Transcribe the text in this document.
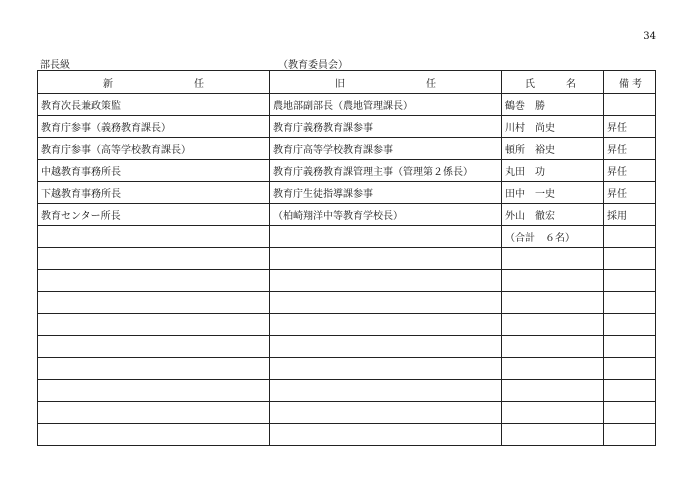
34
部長級	（教育委員会）
新 任	旧 任	氏 名	備 考

教育次長兼政策監	農地部副部長（農地管理課長）	鶴巻　勝	
教育庁参事（義務教育課長）	教育庁義務教育課参事	川村　尚史	昇任
教育庁参事（高等学校教育課長）	教育庁高等学校教育課参事	頓所　裕史	昇任
中越教育事務所長	教育庁義務教育課管理主事（管理第２係長）	丸田　功	昇任
下越教育事務所長	教育庁生徒指導課参事	田中　一史	昇任
教育センター所長	（柏崎翔洋中等教育学校長）	外山　徹宏	採用
		（合計　６名）	
